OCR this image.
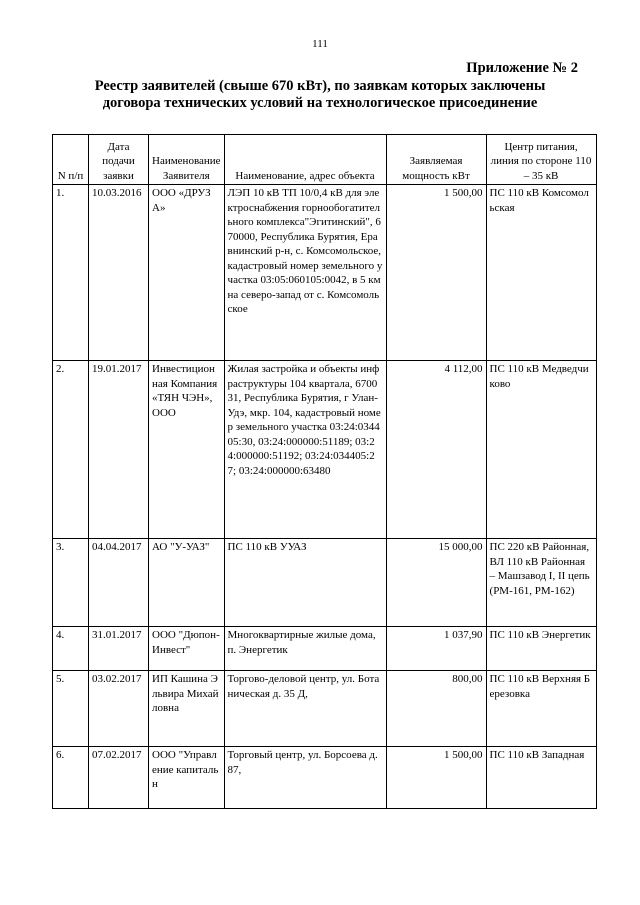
111
Приложение № 2
Реестр заявителей (свыше 670 кВт), по заявкам которых заключены
договора технических условий на технологическое присоединение
N п/п	Дата подачи заявки	Наименование Заявителя	Наименование, адрес объекта	Заявляемая мощность кВт	Центр питания, линия по стороне 110 – 35 кВ
1.	10.03.2016	ООО «ДРУЗА»	ЛЭП 10 кВ ТП 10/0,4 кВ для электроснабжения горнообогатительного комплекса"Эгитинский", 670000, Республика Бурятия, Еравнинский р-н, с. Комсомольское, кадастровый номер земельного участка 03:05:060105:0042, в 5 км на северо-запад от с. Комсомольское	1 500,00	ПС 110 кВ Комсомольская
2.	19.01.2017	Инвестиционная Компания «ТЯН ЧЭН», ООО	Жилая застройка и объекты инфраструктуры 104 квартала, 670031, Республика Бурятия, г Улан-Удэ, мкр. 104, кадастровый номер земельного участка 03:24:034405:30, 03:24:000000:51189; 03:24:000000:51192; 03:24:034405:27; 03:24:000000:63480	4 112,00	ПС 110 кВ Медведчиково
3.	04.04.2017	АО "У-УАЗ"	ПС 110 кВ УУАЗ	15 000,00	ПС 220 кВ Районная, ВЛ 110 кВ Районная – Машзавод I, II цепь (РМ-161, РМ-162)
4.	31.01.2017	ООО "Дюпон-Инвест"	Многоквартирные жилые дома, п. Энергетик	1 037,90	ПС 110 кВ Энергетик
5.	03.02.2017	ИП Кашина Эльвира Михайловна	Торгово-деловой центр, ул. Ботаническая д. 35 Д,	800,00	ПС 110 кВ Верхняя Березовка
6.	07.02.2017	ООО "Управление капитальн	Торговый центр, ул. Борсоева д.87,	1 500,00	ПС 110 кВ Западная
